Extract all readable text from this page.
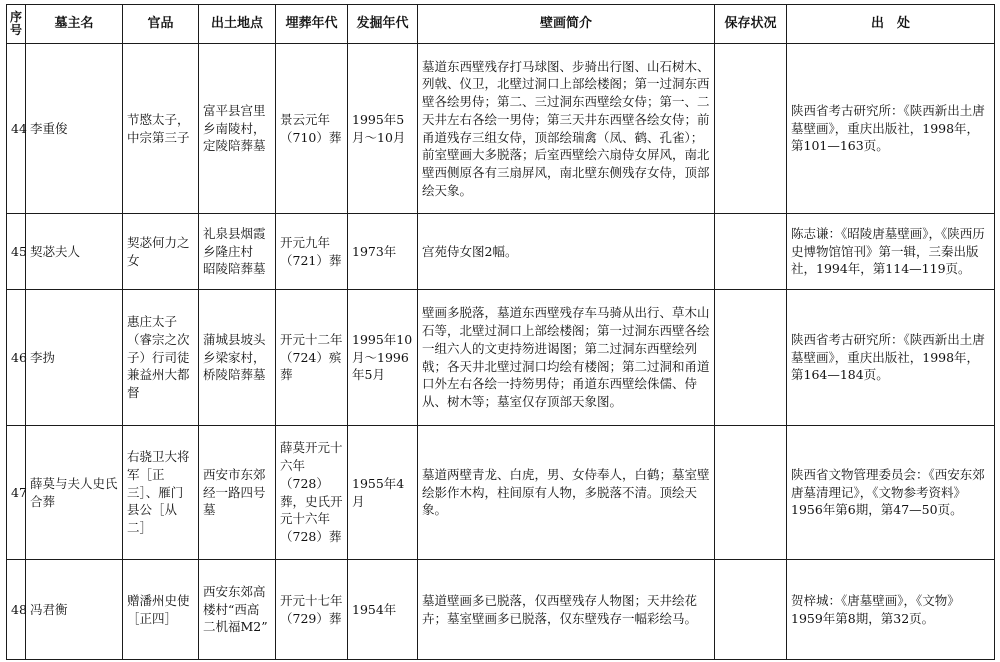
序号	墓主名	官品	出土地点	埋葬年代	发掘年代	壁画简介	保存状况	出　处
44	李重俊	节愍太子，中宗第三子	富平县宫里乡南陵村，定陵陪葬墓	景云元年（710）葬	1995年5月～10月	墓道东西壁残存打马球图、步骑出行图、山石树木、列戟、仪卫，北壁过洞口上部绘楼阁；第一过洞东西壁各绘男侍；第二、三过洞东西壁绘女侍；第一、二天井左右各绘一男侍；第三天井东西壁各绘女侍；前甬道残存三组女侍，顶部绘瑞禽（凤、鹤、孔雀）；前室壁画大多脱落；后室西壁绘六扇侍女屏风，南北壁西侧原各有三扇屏风，南北壁东侧残存女侍，顶部绘天象。		陕西省考古研究所：《陕西新出土唐墓壁画》，重庆出版社，1998年，第101—163页。
45	契苾夫人	契苾何力之女	礼泉县烟霞乡隆庄村　昭陵陪葬墓	开元九年（721）葬	1973年	宫苑侍女图2幅。		陈志谦：《昭陵唐墓壁画》，《陕西历史博物馆馆刊》第一辑，三秦出版社，1994年，第114—119页。
46	李㧑	惠庄太子（睿宗之次子）行司徒兼益州大都督	蒲城县坡头乡梁家村，桥陵陪葬墓	开元十二年（724）殡葬	1995年10月～1996年5月	壁画多脱落，墓道东西壁残存车马骑从出行、草木山石等，北壁过洞口上部绘楼阁；第一过洞东西壁各绘一组六人的文吏持笏进谒图；第二过洞东西壁绘列戟；各天井北壁过洞口均绘有楼阁；第二过洞和甬道口外左右各绘一持笏男侍；甬道东西壁绘侏儒、侍从、树木等；墓室仅存顶部天象图。		陕西省考古研究所：《陕西新出土唐墓壁画》，重庆出版社，1998年，第164—184页。
47	薛莫与夫人史氏合葬	右骁卫大将军［正三］、雁门县公［从二］	西安市东郊经一路四号墓	薛莫开元十六年（728）葬，史氏开元十六年（728）葬	1955年4月	墓道两壁青龙、白虎，男、女侍奉人，白鹤；墓室壁绘影作木构，柱间原有人物，多脱落不清。顶绘天象。		陕西省文物管理委员会：《西安东郊唐墓清理记》，《文物参考资料》1956年第6期，第47—50页。
48	冯君衡	赠潘州史使［正四］	西安东郊高楼村“西高二机福M2”	开元十七年（729）葬	1954年	墓道壁画多已脱落，仅西壁残存人物图；天井绘花卉；墓室壁画多已脱落，仅东壁残存一幅彩绘马。		贺梓城：《唐墓壁画》，《文物》1959年第8期，第32页。
